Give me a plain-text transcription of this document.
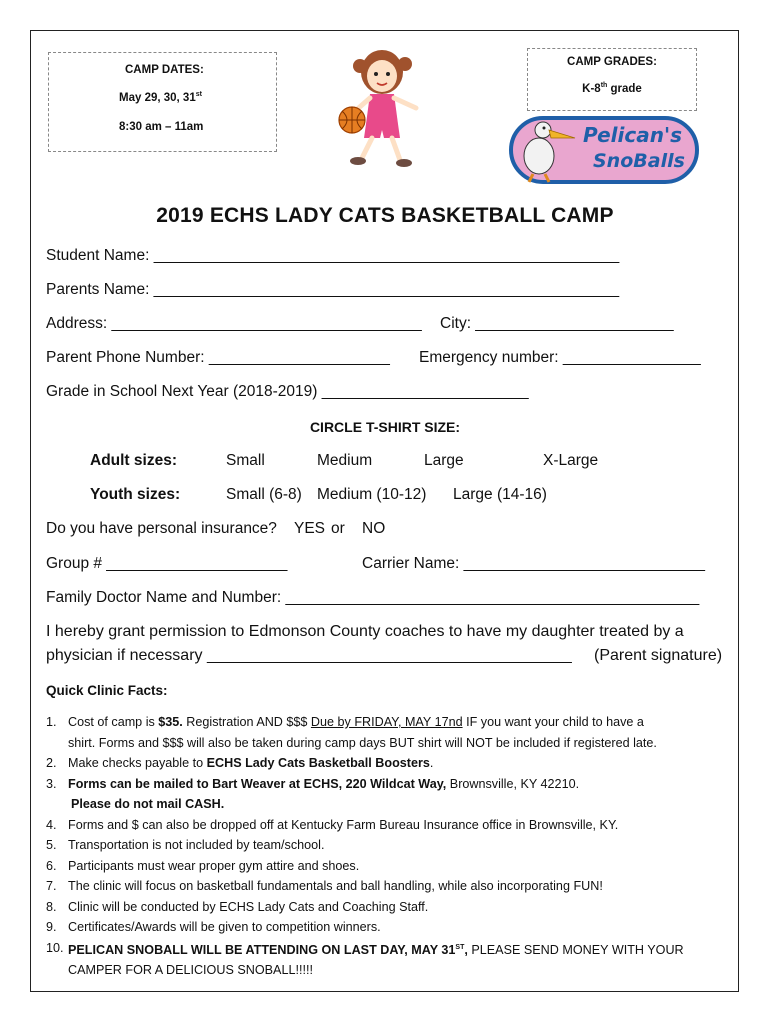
CAMP DATES:
May 29, 30, 31st
8:30 am – 11am
CAMP GRADES:
K-8th grade
Pelican's
SnoBalls
2019 ECHS LADY CATS BASKETBALL CAMP
Student Name: ______________________________________________________
Parents Name: ______________________________________________________
Address: ____________________________________ City: _______________________
Parent Phone Number: _____________________ Emergency number: ________________
Grade in School Next Year (2018-2019) ________________________
CIRCLE T-SHIRT SIZE:
Adult sizes:	Small	Medium	Large	X-Large
Youth sizes:	Small (6-8) Medium (10-12) Large (14-16)
Do you have personal insurance? YES or NO
Group # _____________________	Carrier Name: ____________________________
Family Doctor Name and Number: ________________________________________________
I hereby grant permission to Edmonson County coaches to have my daughter treated by a
physician if necessary _________________________________________ (Parent signature)
Quick Clinic Facts:
1. Cost of camp is $35. Registration AND $$$ Due by FRIDAY, MAY 17nd IF you want your child to have a
shirt. Forms and $$$ will also be taken during camp days BUT shirt will NOT be included if registered late.
2. Make checks payable to ECHS Lady Cats Basketball Boosters.
3. Forms can be mailed to Bart Weaver at ECHS, 220 Wildcat Way, Brownsville, KY 42210.
Please do not mail CASH.
4. Forms and $ can also be dropped off at Kentucky Farm Bureau Insurance office in Brownsville, KY.
5. Transportation is not included by team/school.
6. Participants must wear proper gym attire and shoes.
7. The clinic will focus on basketball fundamentals and ball handling, while also incorporating FUN!
8. Clinic will be conducted by ECHS Lady Cats and Coaching Staff.
9. Certificates/Awards will be given to competition winners.
10. PELICAN SNOBALL WILL BE ATTENDING ON LAST DAY, MAY 31ST, PLEASE SEND MONEY WITH YOUR
CAMPER FOR A DELICIOUS SNOBALL!!!!!
